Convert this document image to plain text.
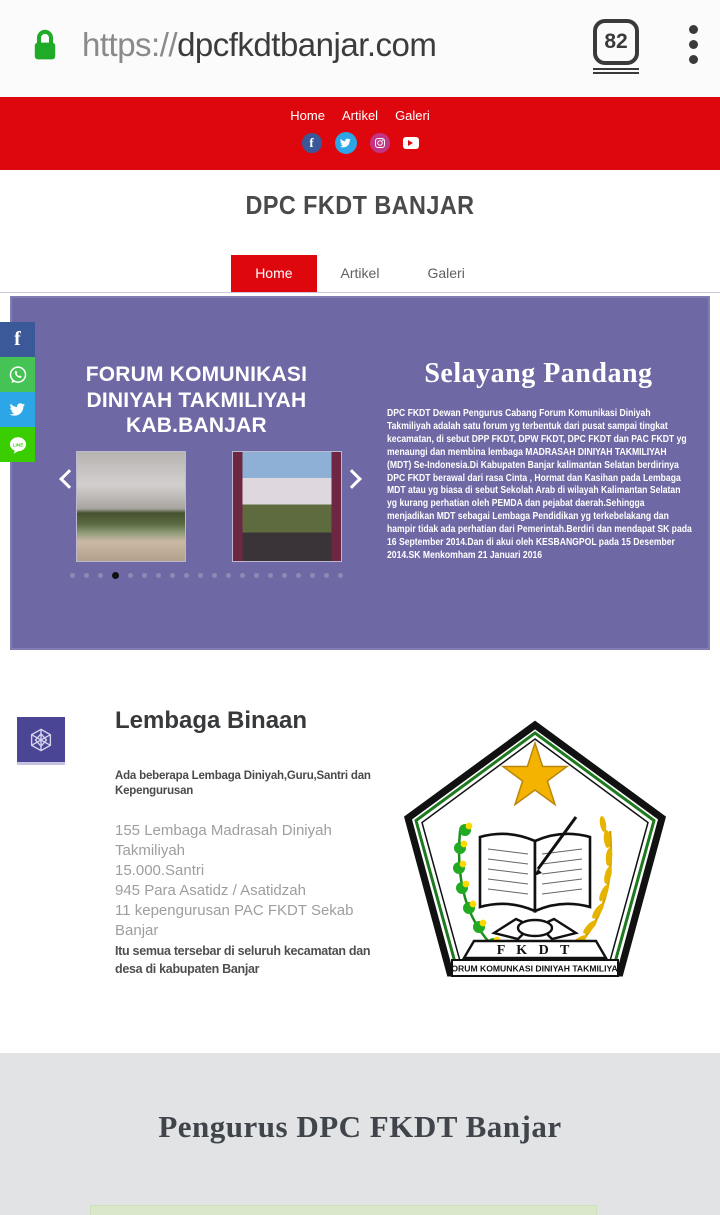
https://dpcfkdtbanjar.com	82
Home Artikel Galeri
f
DPC FKDT BANJAR
Home	Artikel	Galeri
FORUM KOMUNIKASI DINIYAH TAKMILIYAH KAB.BANJAR
Selayang Pandang
DPC FKDT Dewan Pengurus Cabang Forum Komunikasi Diniyah Takmiliyah adalah satu forum yg terbentuk dari pusat sampai tingkat kecamatan, di sebut DPP FKDT, DPW FKDT, DPC FKDT dan PAC FKDT yg menaungi dan membina lembaga MADRASAH DINIYAH TAKMILIYAH (MDT) Se-Indonesia.Di Kabupaten Banjar kalimantan Selatan berdirinya DPC FKDT berawal dari rasa Cinta , Hormat dan Kasihan pada Lembaga MDT atau yg biasa di sebut Sekolah Arab di wilayah Kalimantan Selatan yg kurang perhatian oleh PEMDA dan pejabat daerah.Sehingga menjadikan MDT sebagai Lembaga Pendidikan yg terkebelakang dan hampir tidak ada perhatian dari Pemerintah.Berdiri dan mendapat SK pada 16 September 2014.Dan di akui oleh KESBANGPOL pada 15 Desember 2014.SK Menkomham 21 Januari 2016
f
LINE
Lembaga Binaan
Ada beberapa Lembaga Diniyah,Guru,Santri dan Kepengurusan
155 Lembaga Madrasah Diniyah Takmiliyah
15.000.Santri
945 Para Asatidz / Asatidzah
11 kepengurusan PAC FKDT Sekab Banjar
Itu semua tersebar di seluruh kecamatan dan desa di kabupaten Banjar
F K D T
FORUM KOMUNKASI DINIYAH TAKMILIYAH
Pengurus DPC FKDT Banjar
